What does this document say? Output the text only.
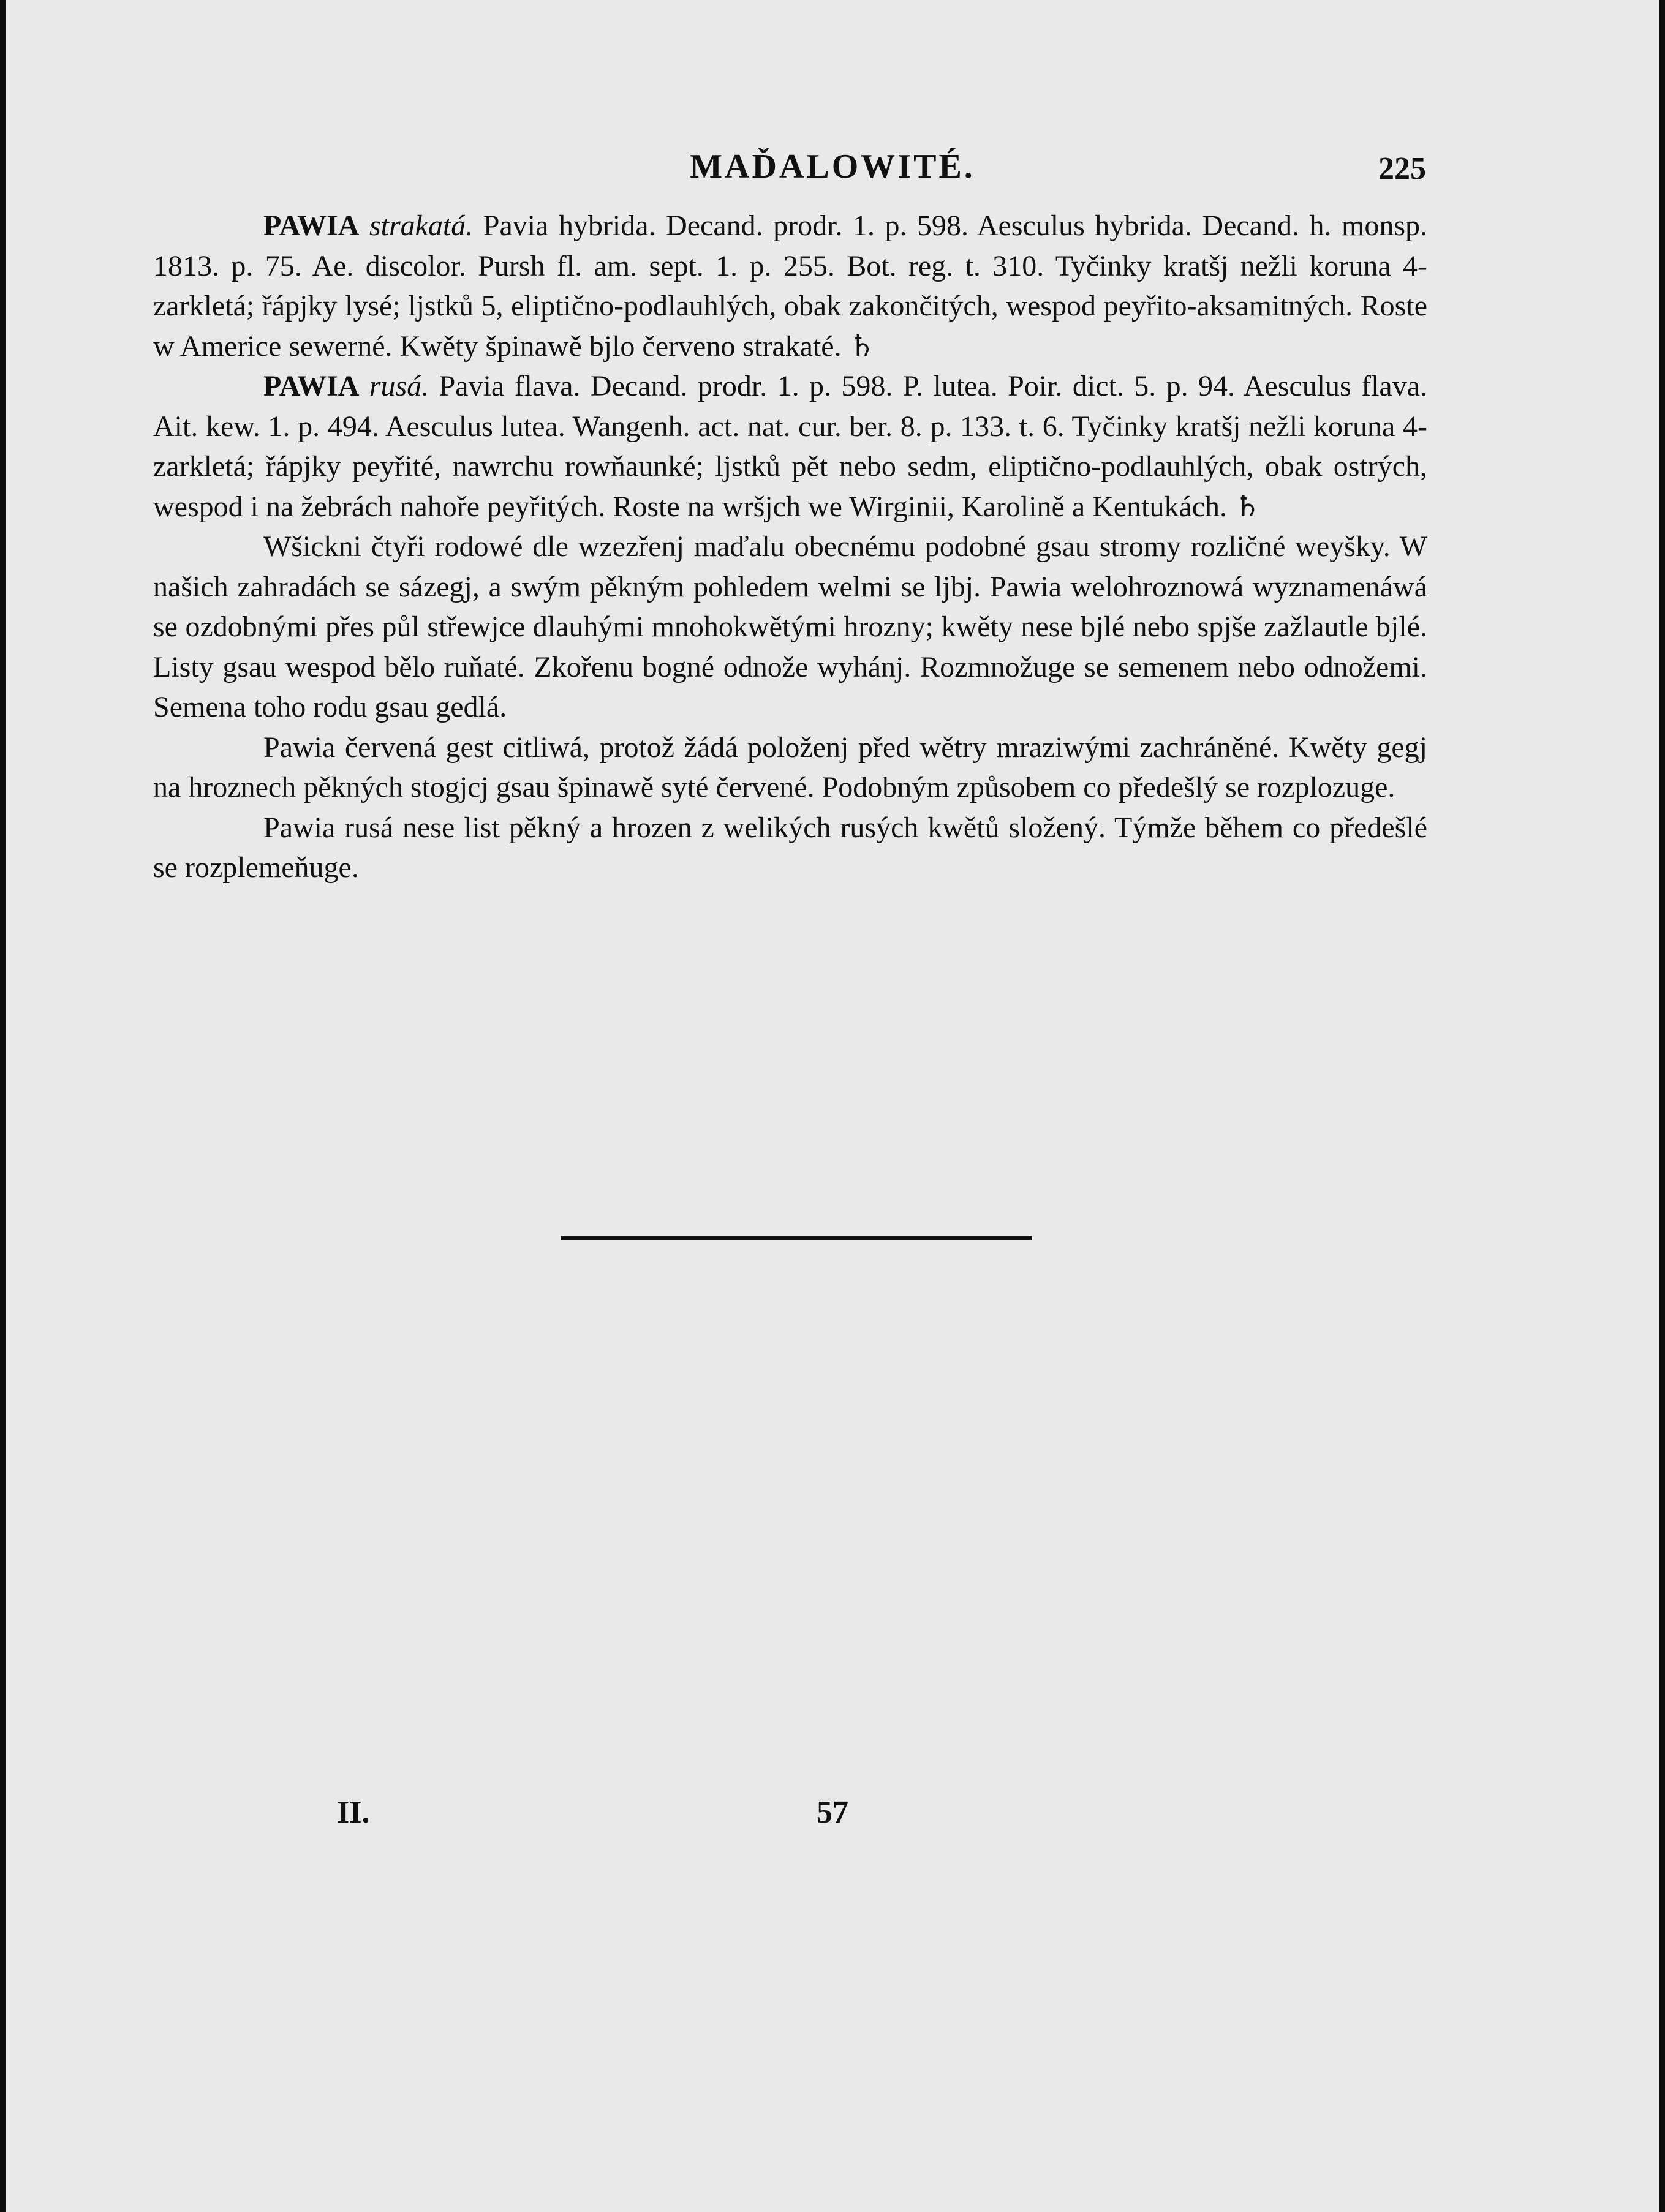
MAĎALOWITÉ.	225

PAWIA strakatá. Pavia hybrida. Decand. prodr. 1. p. 598. Aesculus hybrida. Decand. h. monsp. 1813. p. 75. Ae. discolor. Pursh fl. am. sept. 1. p. 255. Bot. reg. t. 310. Tyčinky kratšj nežli koruna 4-zarkletá; řápjky lysé; ljstků 5, eliptično-podlauhlých, obak zakončitých, wespod peyřito-aksamitných. Roste w Americe sewerné. Kwěty špinawě bjlo červeno strakaté. ♄

PAWIA rusá. Pavia flava. Decand. prodr. 1. p. 598. P. lutea. Poir. dict. 5. p. 94. Aesculus flava. Ait. kew. 1. p. 494. Aesculus lutea. Wangenh. act. nat. cur. ber. 8. p. 133. t. 6. Tyčinky kratšj nežli koruna 4-zarkletá; řápjky peyřité, nawrchu rowňaunké; ljstků pět nebo sedm, eliptično-podlauhlých, obak ostrých, wespod i na žebrách nahoře peyřitých. Roste na wršjch we Wirginii, Karolině a Kentukách. ♄

Wšickni čtyři rodowé dle wzezřenj maďalu obecnému podobné gsau stromy rozličné weyšky. W našich zahradách se sázegj, a swým pěkným pohledem welmi se ljbj. Pawia welohroznowá wyznamenáwá se ozdobnými přes půl střewjce dlauhými mnohokwětými hrozny; kwěty nese bjlé nebo spjše zažlautle bjlé. Listy gsau wespod bělo ruňaté. Zkořenu bogné odnože wyhánj. Rozmnožuge se semenem nebo odnožemi. Semena toho rodu gsau gedlá.

Pawia červená gest citliwá, protož žádá položenj před wětry mraziwými zachráněné. Kwěty gegj na hroznech pěkných stogjcj gsau špinawě syté červené. Podobným způsobem co předešlý se rozplozuge.

Pawia rusá nese list pěkný a hrozen z welikých rusých kwětů složený. Týmže během co předešlé se rozplemeňuge.

II.	57
